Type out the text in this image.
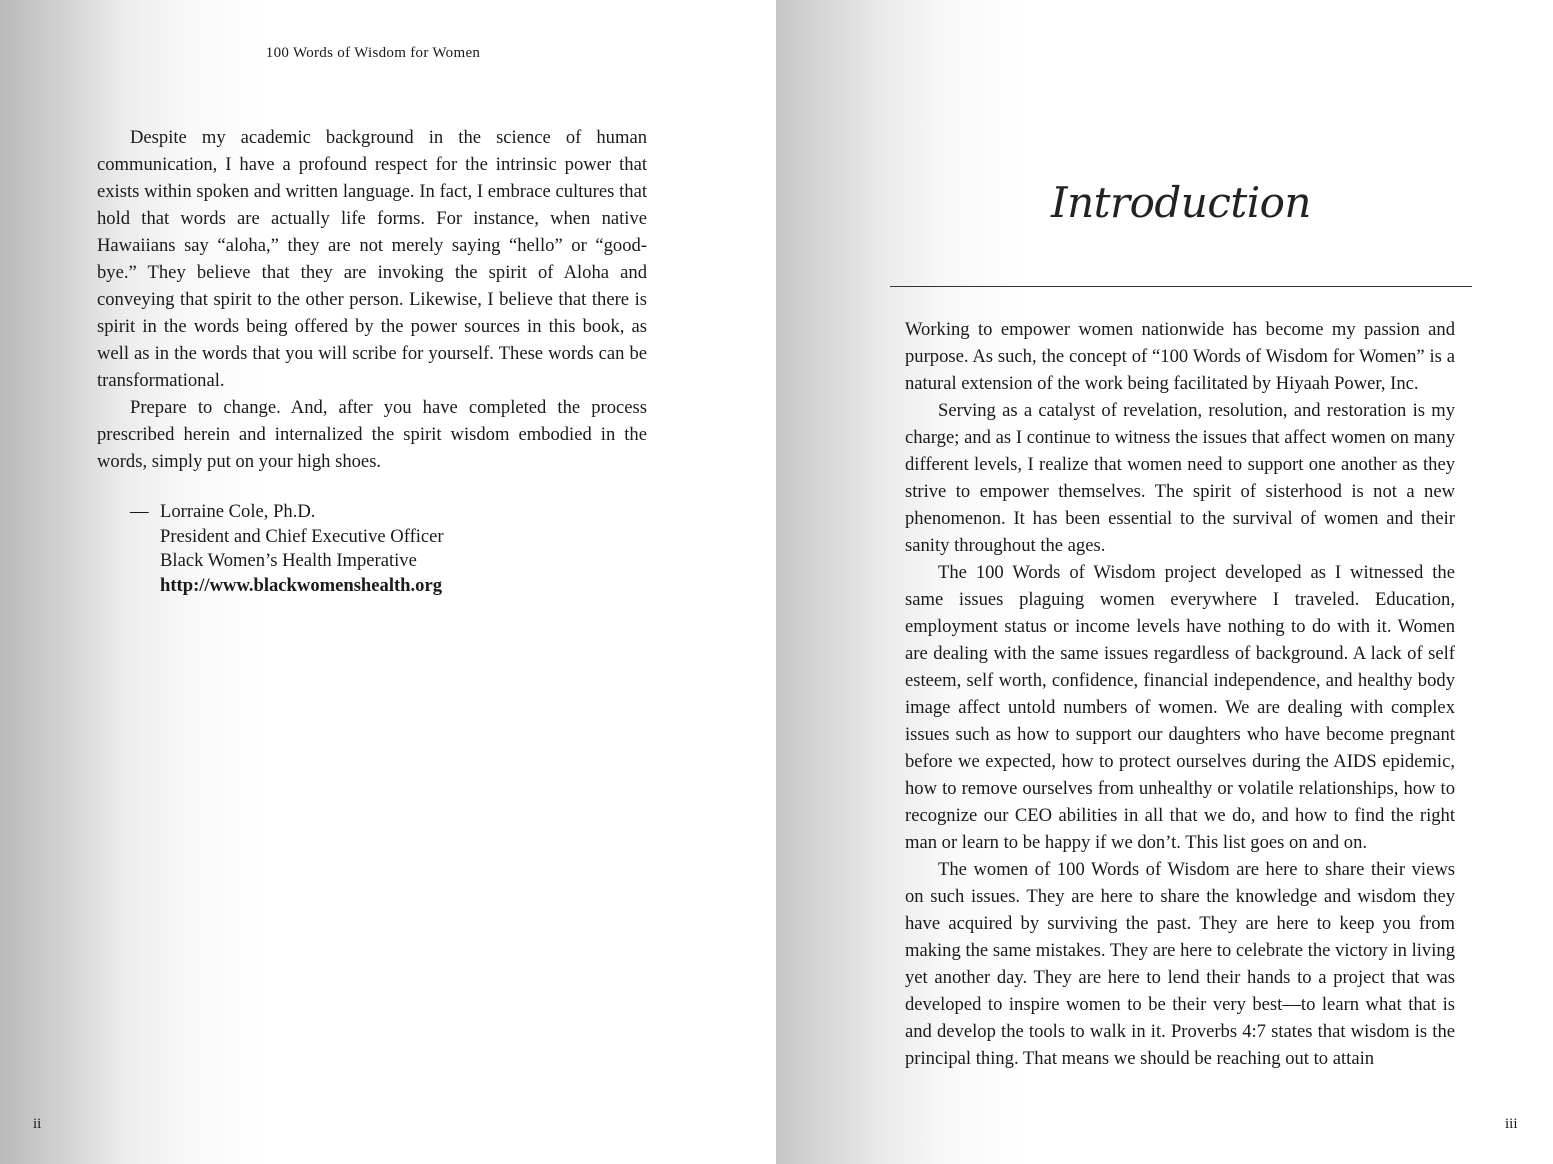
100 Words of Wisdom for Women

Despite my academic background in the science of human communication, I have a profound respect for the intrinsic power that exists within spoken and written language. In fact, I embrace cultures that hold that words are actually life forms. For instance, when native Hawaiians say “aloha,” they are not merely saying “hello” or “good-bye.” They believe that they are invoking the spirit of Aloha and conveying that spirit to the other person. Likewise, I believe that there is spirit in the words being offered by the power sources in this book, as well as in the words that you will scribe for yourself. These words can be transformational.

Prepare to change. And, after you have completed the process prescribed herein and internalized the spirit wisdom embodied in the words, simply put on your high shoes.

— Lorraine Cole, Ph.D.
President and Chief Executive Officer
Black Women’s Health Imperative
http://www.blackwomenshealth.org
ii
Introduction

Working to empower women nationwide has become my passion and purpose. As such, the concept of “100 Words of Wisdom for Women” is a natural extension of the work being facilitated by Hiyaah Power, Inc.

Serving as a catalyst of revelation, resolution, and restoration is my charge; and as I continue to witness the issues that affect women on many different levels, I realize that women need to support one another as they strive to empower themselves. The spirit of sisterhood is not a new phenomenon. It has been essential to the survival of women and their sanity throughout the ages.

The 100 Words of Wisdom project developed as I witnessed the same issues plaguing women everywhere I traveled. Education, employment status or income levels have nothing to do with it. Women are dealing with the same issues regardless of background. A lack of self esteem, self worth, confidence, financial independence, and healthy body image affect untold numbers of women. We are dealing with complex issues such as how to support our daughters who have become pregnant before we expected, how to protect ourselves during the AIDS epidemic, how to remove ourselves from unhealthy or volatile relationships, how to recognize our CEO abilities in all that we do, and how to find the right man or learn to be happy if we don’t. This list goes on and on.

The women of 100 Words of Wisdom are here to share their views on such issues. They are here to share the knowledge and wisdom they have acquired by surviving the past. They are here to keep you from making the same mistakes. They are here to celebrate the victory in living yet another day. They are here to lend their hands to a project that was developed to inspire women to be their very best—to learn what that is and develop the tools to walk in it. Proverbs 4:7 states that wisdom is the principal thing. That means we should be reaching out to attain

iii
